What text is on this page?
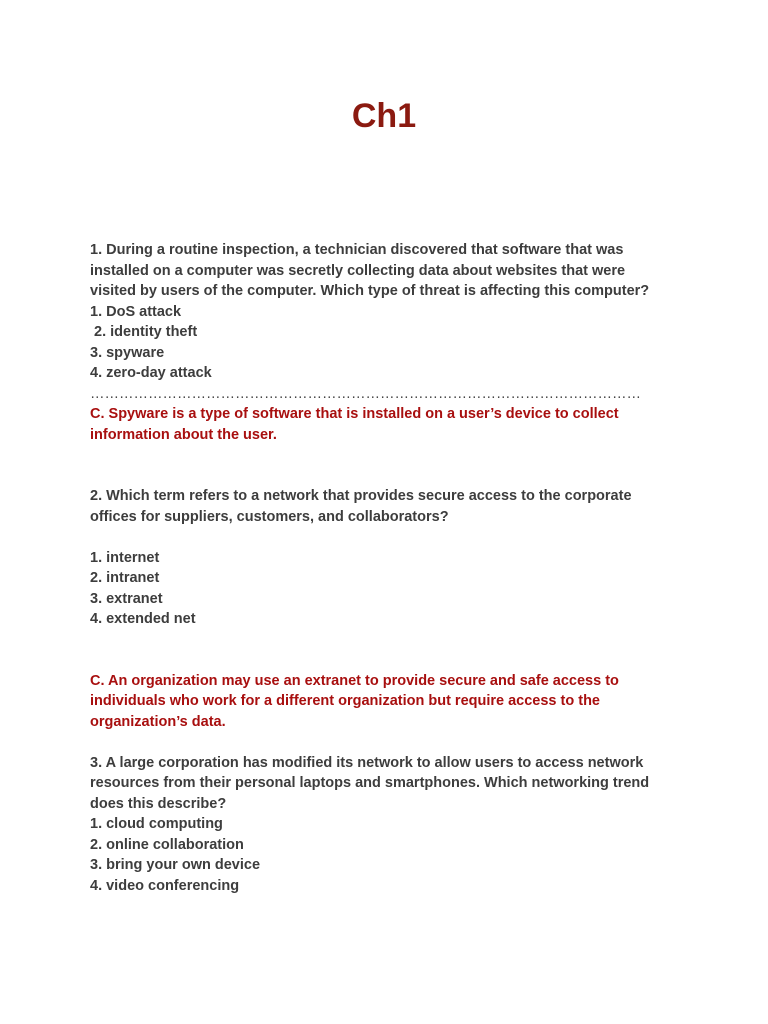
Ch1
1. During a routine inspection, a technician discovered that software that was
installed on a computer was secretly collecting data about websites that were
visited by users of the computer. Which type of threat is affecting this computer?
1. DoS attack
2. identity theft
3. spyware
4. zero-day attack
……………………………………………………………………………………………………
C. Spyware is a type of software that is installed on a user’s device to collect
information about the user.
2. Which term refers to a network that provides secure access to the corporate
offices for suppliers, customers, and collaborators?
1. internet
2. intranet
3. extranet
4. extended net
C. An organization may use an extranet to provide secure and safe access to
individuals who work for a different organization but require access to the
organization’s data.
3. A large corporation has modified its network to allow users to access network
resources from their personal laptops and smartphones. Which networking trend
does this describe?
1. cloud computing
2. online collaboration
3. bring your own device
4. video conferencing
